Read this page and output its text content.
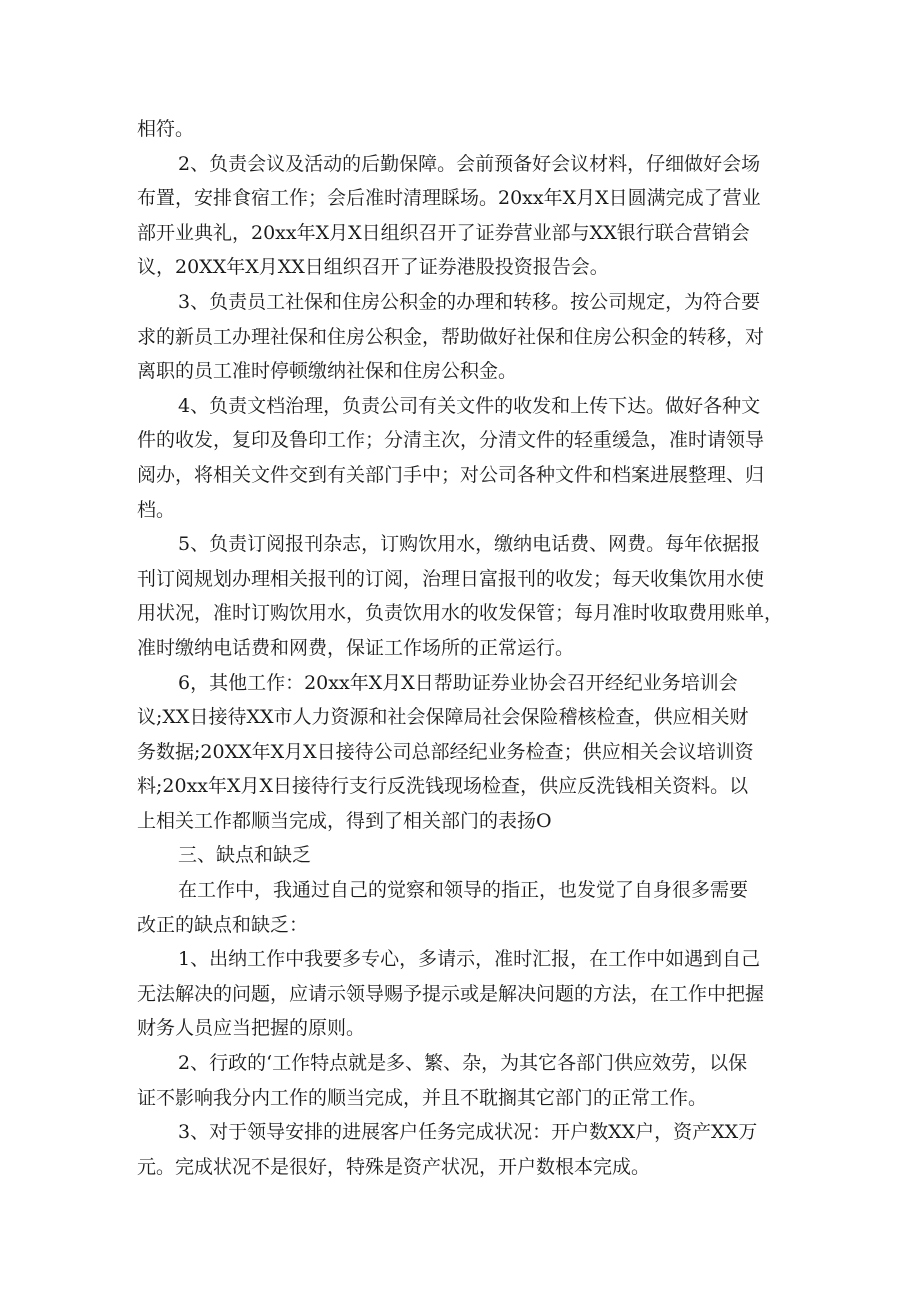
相符。
2、负责会议及活动的后勤保障。会前预备好会议材料，仔细做好会场
布置，安排食宿工作；会后准时清理睬场。20xx年X月X日圆满完成了营业
部开业典礼，20xx年X月X日组织召开了证券营业部与XX银行联合营销会
议，20XX年X月XX日组织召开了证券港股投资报告会。
3、负责员工社保和住房公积金的办理和转移。按公司规定，为符合要
求的新员工办理社保和住房公积金，帮助做好社保和住房公积金的转移，对
离职的员工准时停顿缴纳社保和住房公积金。
4、负责文档治理，负责公司有关文件的收发和上传下达。做好各种文
件的收发，复印及鲁印工作；分清主次，分清文件的轻重缓急，准时请领导
阅办，将相关文件交到有关部门手中；对公司各种文件和档案进展整理、归
档。
5、负责订阅报刊杂志，订购饮用水，缴纳电话费、网费。每年依据报
刊订阅规划办理相关报刊的订阅，治理日富报刊的收发；每天收集饮用水使
用状况，准时订购饮用水，负责饮用水的收发保管；每月准时收取费用账单，
准时缴纳电话费和网费，保证工作场所的正常运行。
6，其他工作：20xx年X月X日帮助证券业协会召开经纪业务培训会
议;XX日接待XX市人力资源和社会保障局社会保险稽核检查，供应相关财
务数据;20XX年X月X日接待公司总部经纪业务检查；供应相关会议培训资
料;20xx年X月X日接待行支行反洗钱现场检查，供应反洗钱相关资料。以
上相关工作都顺当完成，得到了相关部门的表扬O
三、缺点和缺乏
在工作中，我通过自己的觉察和领导的指正，也发觉了自身很多需要
改正的缺点和缺乏：
1、出纳工作中我要多专心，多请示，准时汇报，在工作中如遇到自己
无法解决的问题，应请示领导赐予提示或是解决问题的方法，在工作中把握
财务人员应当把握的原则。
2、行政的‘工作特点就是多、繁、杂，为其它各部门供应效劳，以保
证不影响我分内工作的顺当完成，并且不耽搁其它部门的正常工作。
3、对于领导安排的进展客户任务完成状况：开户数XX户，资产XX万
元。完成状况不是很好，特殊是资产状况，开户数根本完成。
